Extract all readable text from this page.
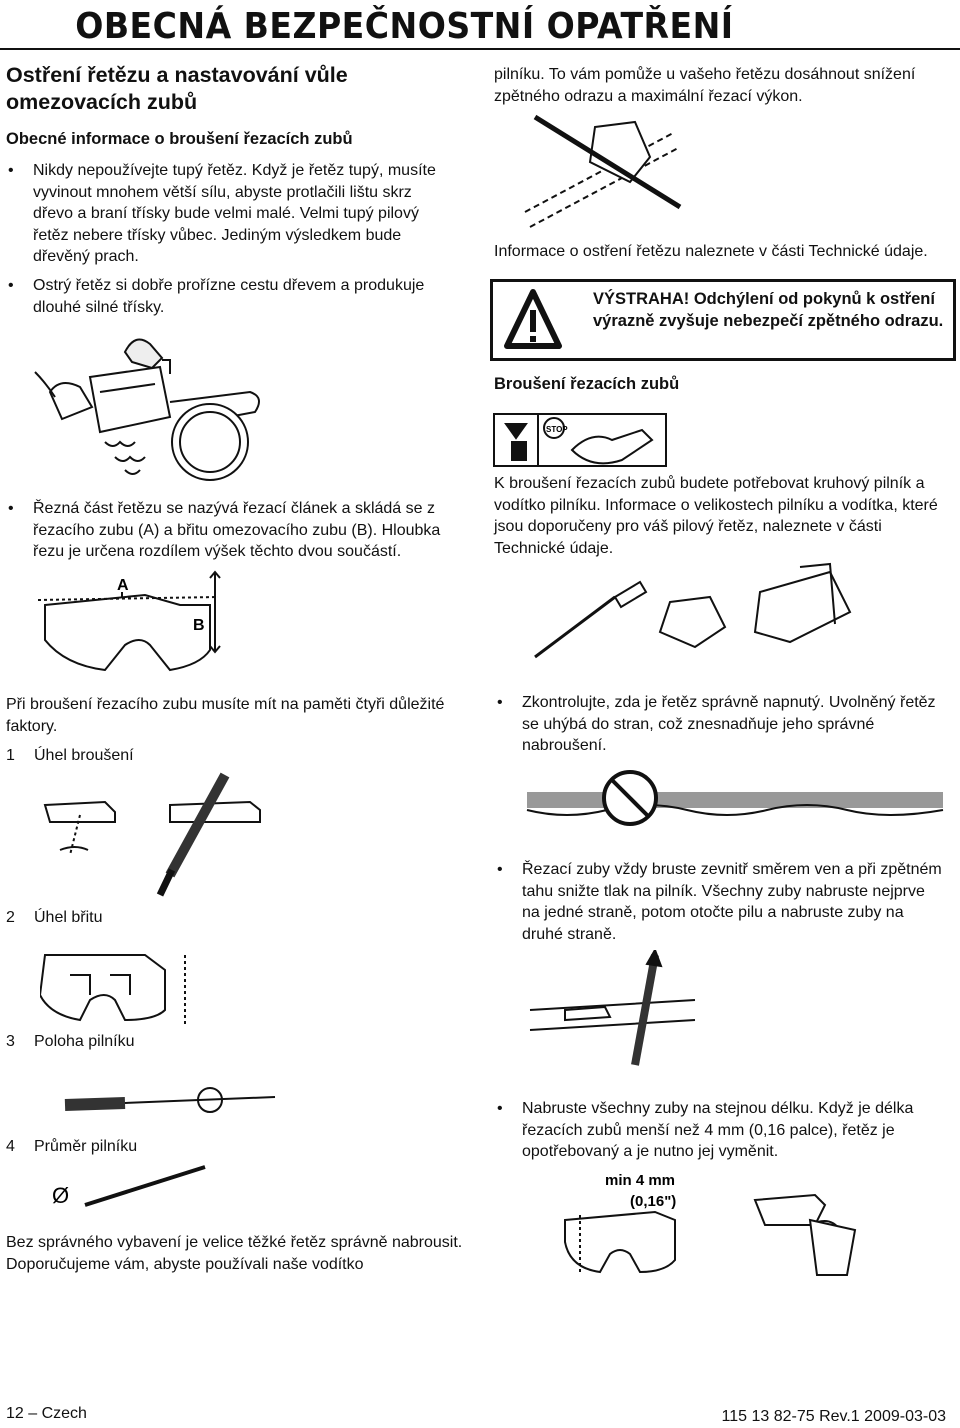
OBECNÁ BEZPEČNOSTNÍ OPATŘENÍ
Ostření řetězu a nastavování vůle omezovacích zubů
Obecné informace o broušení řezacích zubů
• Nikdy nepoužívejte tupý řetěz. Když je řetěz tupý, musíte vyvinout mnohem větší sílu, abyste protlačili lištu skrz dřevo a braní třísky bude velmi malé. Velmi tupý pilový řetěz nebere třísky vůbec. Jediným výsledkem bude dřevěný prach.
• Ostrý řetěz si dobře prořízne cestu dřevem a produkuje dlouhé silné třísky.
• Řezná část řetězu se nazývá řezací článek a skládá se z řezacího zubu (A) a břitu omezovacího zubu (B). Hloubka řezu je určena rozdílem výšek těchto dvou součástí.
A
B
Při broušení řezacího zubu musíte mít na paměti čtyři důležité faktory.
1 Úhel broušení
2 Úhel břitu
3 Poloha pilníku
4 Průměr pilníku
Ø
Bez správného vybavení je velice těžké řetěz správně nabrousit. Doporučujeme vám, abyste používali naše vodítko
pilníku. To vám pomůže u vašeho řetězu dosáhnout snížení zpětného odrazu a maximální řezací výkon.
Informace o ostření řetězu naleznete v části Technické údaje.
VÝSTRAHA! Odchýlení od pokynů k ostření výrazně zvyšuje nebezpečí zpětného odrazu.
Broušení řezacích zubů
STOP
K broušení řezacích zubů budete potřebovat kruhový pilník a vodítko pilníku. Informace o velikostech pilníku a vodítka, které jsou doporučeny pro váš pilový řetěz, naleznete v části Technické údaje.
• Zkontrolujte, zda je řetěz správně napnutý. Uvolněný řetěz se uhýbá do stran, což znesnadňuje jeho správné nabroušení.
• Řezací zuby vždy bruste zevnitř směrem ven a při zpětném tahu snižte tlak na pilník. Všechny zuby nabruste nejprve na jedné straně, potom otočte pilu a nabruste zuby na druhé straně.
• Nabruste všechny zuby na stejnou délku. Když je délka řezacích zubů menší než 4 mm (0,16 palce), řetěz je opotřebovaný a je nutno jej vyměnit.
min 4 mm
(0,16")
12 – Czech	115 13 82-75 Rev.1 2009-03-03
